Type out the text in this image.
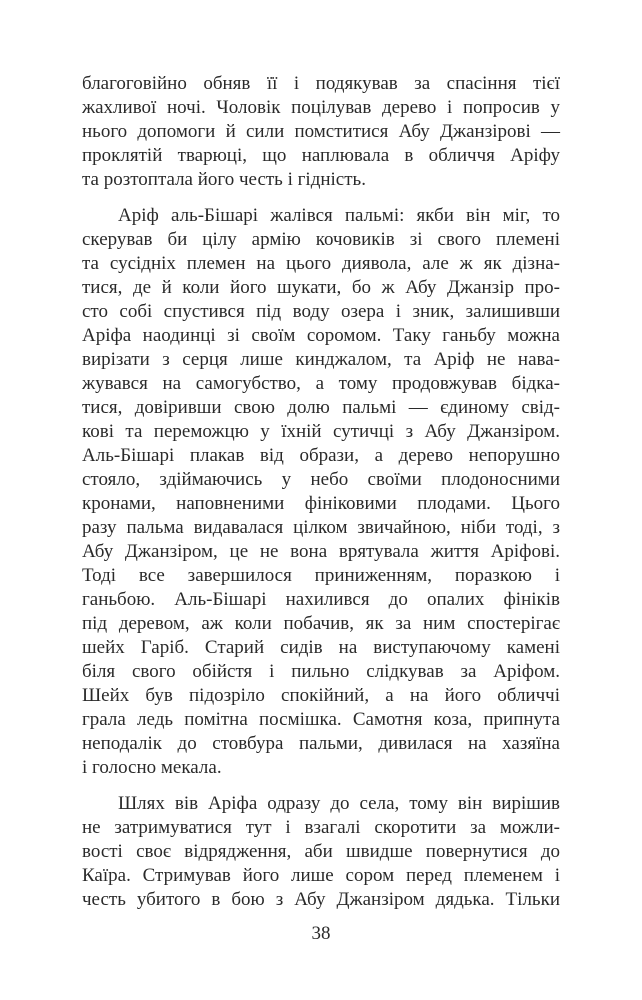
благоговійно обняв її і подякував за спасіння тієї
жахливої ночі. Чоловік поцілував дерево і попросив у
нього допомоги й сили помститися Абу Джанзірові —
проклятій тварюці, що наплювала в обличчя Аріфу
та розтоптала його честь і гідність.
Аріф аль-Бішарі жалівся пальмі: якби він міг, то
скерував би цілу армію кочовиків зі свого племені
та сусідніх племен на цього диявола, але ж як дізна-
тися, де й коли його шукати, бо ж Абу Джанзір про-
сто собі спустився під воду озера і зник, залишивши
Аріфа наодинці зі своїм соромом. Таку ганьбу можна
вирізати з серця лише кинджалом, та Аріф не нава-
жувався на самогубство, а тому продовжував бідка-
тися, довіривши свою долю пальмі — єдиному свід-
кові та переможцю у їхній сутичці з Абу Джанзіром.
Аль-Бішарі плакав від образи, а дерево непорушно
стояло, здіймаючись у небо своїми плодоносними
кронами, наповненими фініковими плодами. Цього
разу пальма видавалася цілком звичайною, ніби тоді, з
Абу Джанзіром, це не вона врятувала життя Аріфові.
Тоді все завершилося приниженням, поразкою і
ганьбою. Аль-Бішарі нахилився до опалих фініків
під деревом, аж коли побачив, як за ним спостерігає
шейх Гаріб. Старий сидів на виступаючому камені
біля свого обійстя і пильно слідкував за Аріфом.
Шейх був підозріло спокійний, а на його обличчі
грала ледь помітна посмішка. Самотня коза, припнута
неподалік до стовбура пальми, дивилася на хазяїна
і голосно мекала.
Шлях вів Аріфа одразу до села, тому він вирішив
не затримуватися тут і взагалі скоротити за можли-
вості своє відрядження, аби швидше повернутися до
Каїра. Стримував його лише сором перед племенем і
честь убитого в бою з Абу Джанзіром дядька. Тільки
38
